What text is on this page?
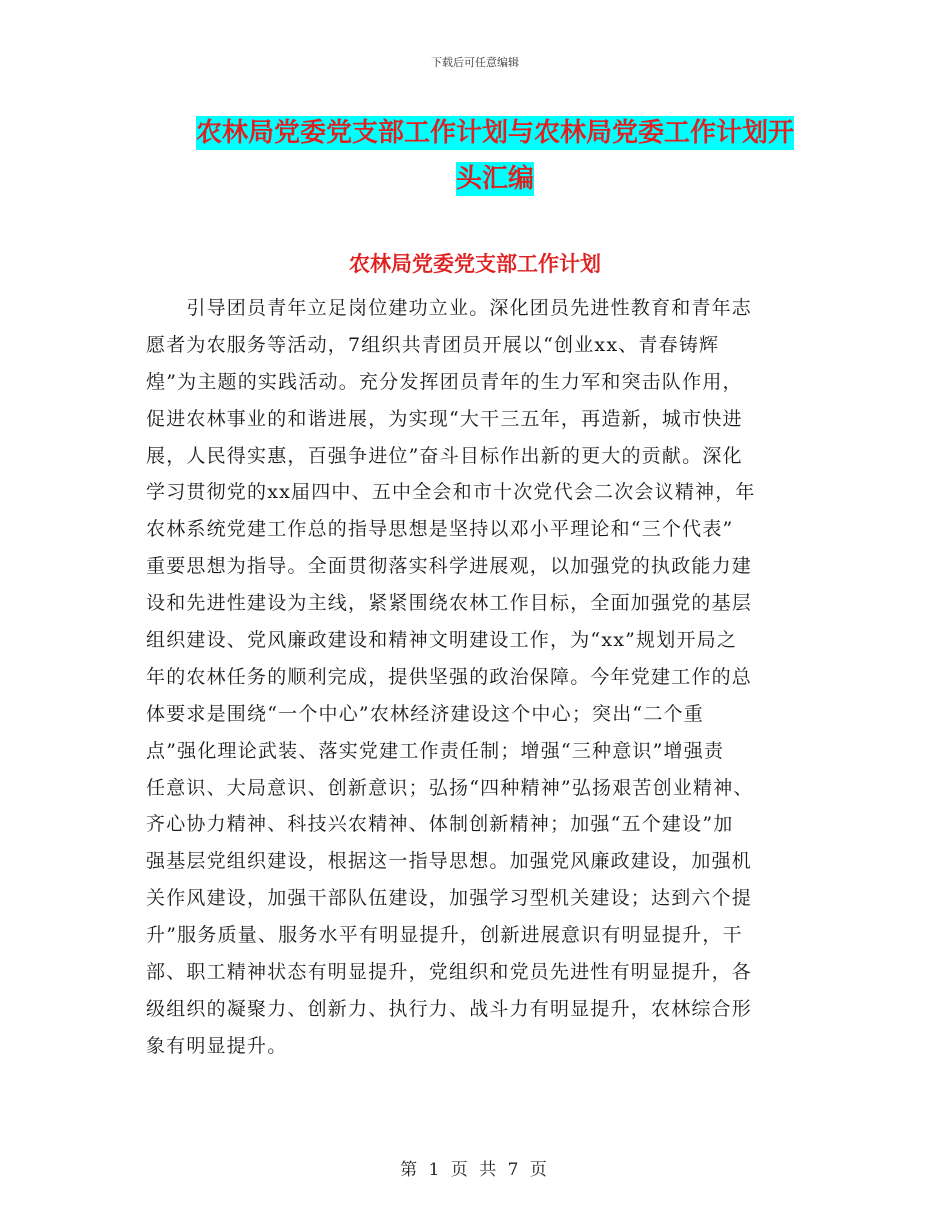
下载后可任意编辑
农林局党委党支部工作计划与农林局党委工作计划开
头汇编
农林局党委党支部工作计划
　　引导团员青年立足岗位建功立业。深化团员先进性教育和青年志
愿者为农服务等活动，7组织共青团员开展以“创业xx、青春铸辉
煌”为主题的实践活动。充分发挥团员青年的生力军和突击队作用，
促进农林事业的和谐进展，为实现“大干三五年，再造新，城市快进
展，人民得实惠，百强争进位”奋斗目标作出新的更大的贡献。深化
学习贯彻党的xx届四中、五中全会和市十次党代会二次会议精神，年
农林系统党建工作总的指导思想是坚持以邓小平理论和“三个代表”
重要思想为指导。全面贯彻落实科学进展观，以加强党的执政能力建
设和先进性建设为主线，紧紧围绕农林工作目标，全面加强党的基层
组织建设、党风廉政建设和精神文明建设工作，为“xx”规划开局之
年的农林任务的顺利完成，提供坚强的政治保障。今年党建工作的总
体要求是围绕“一个中心”农林经济建设这个中心；突出“二个重
点”强化理论武装、落实党建工作责任制；增强“三种意识”增强责
任意识、大局意识、创新意识；弘扬“四种精神”弘扬艰苦创业精神、
齐心协力精神、科技兴农精神、体制创新精神；加强“五个建设”加
强基层党组织建设，根据这一指导思想。加强党风廉政建设，加强机
关作风建设，加强干部队伍建设，加强学习型机关建设；达到六个提
升”服务质量、服务水平有明显提升，创新进展意识有明显提升，干
部、职工精神状态有明显提升，党组织和党员先进性有明显提升，各
级组织的凝聚力、创新力、执行力、战斗力有明显提升，农林综合形
象有明显提升。
第 1 页 共 7 页
